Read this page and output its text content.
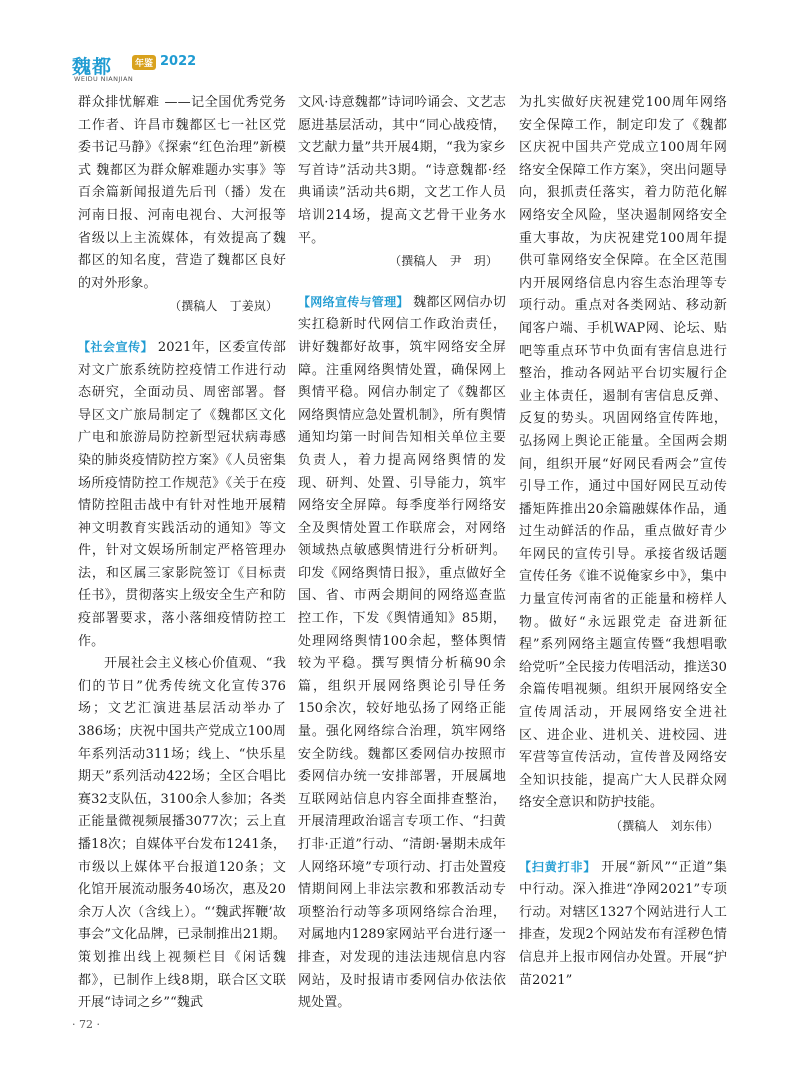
魏都	年鉴 2022
WEIDU NIANJIAN

群众排忧解难 ——记全国优秀党务工作者、许昌市魏都区七一社区党委书记马静》《探索“红色治理”新模式 魏都区为群众解难题办实事》等百余篇新闻报道先后刊（播）发在河南日报、河南电视台、大河报等省级以上主流媒体，有效提高了魏都区的知名度，营造了魏都区良好的对外形象。

（撰稿人　丁姜岚）

【社会宣传】 2021年，区委宣传部对文广旅系统防控疫情工作进行动态研究，全面动员、周密部署。督导区文广旅局制定了《魏都区文化广电和旅游局防控新型冠状病毒感染的肺炎疫情防控方案》《人员密集场所疫情防控工作规范》《关于在疫情防控阻击战中有针对性地开展精神文明教育实践活动的通知》等文件，针对文娱场所制定严格管理办法，和区属三家影院签订《目标责任书》，贯彻落实上级安全生产和防疫部署要求，落小落细疫情防控工作。

开展社会主义核心价值观、“我们的节日”优秀传统文化宣传376场；文艺汇演进基层活动举办了386场；庆祝中国共产党成立100周年系列活动311场；线上、“快乐星期天”系列活动422场；全区合唱比赛32支队伍，3100余人参加；各类正能量微视频展播3077次；云上直播18次；自媒体平台发布1241条，市级以上媒体平台报道120条；文化馆开展流动服务40场次，惠及20余万人次（含线上）。“‘魏武挥鞭’故事会”文化品牌，已录制推出21期。策划推出线上视频栏目《闲话魏都》，已制作上线8期，联合区文联开展“诗词之乡”“魏武

文风·诗意魏都”诗词吟诵会、文艺志愿进基层活动，其中“同心战疫情，文艺献力量”共开展4期，“我为家乡写首诗”活动共3期。“诗意魏都·经典诵读”活动共6期，文艺工作人员培训214场，提高文艺骨干业务水平。

（撰稿人　尹　玥）

【网络宣传与管理】 魏都区网信办切实扛稳新时代网信工作政治责任，讲好魏都好故事，筑牢网络安全屏障。注重网络舆情处置，确保网上舆情平稳。网信办制定了《魏都区网络舆情应急处置机制》，所有舆情通知均第一时间告知相关单位主要负责人，着力提高网络舆情的发现、研判、处置、引导能力，筑牢网络安全屏障。每季度举行网络安全及舆情处置工作联席会，对网络领域热点敏感舆情进行分析研判。印发《网络舆情日报》，重点做好全国、省、市两会期间的网络巡查监控工作，下发《舆情通知》85期，处理网络舆情100余起，整体舆情较为平稳。撰写舆情分析稿90余篇，组织开展网络舆论引导任务150余次，较好地弘扬了网络正能量。强化网络综合治理，筑牢网络安全防线。魏都区委网信办按照市委网信办统一安排部署，开展属地互联网站信息内容全面排查整治，开展清理政治谣言专项工作、“扫黄打非·正道”行动、“清朗·暑期未成年人网络环境”专项行动、打击处置疫情期间网上非法宗教和邪教活动专项整治行动等多项网络综合治理，对属地内1289家网站平台进行逐一排查，对发现的违法违规信息内容网站，及时报请市委网信办依法依规处置。

为扎实做好庆祝建党100周年网络安全保障工作，制定印发了《魏都区庆祝中国共产党成立100周年网络安全保障工作方案》，突出问题导向，狠抓责任落实，着力防范化解网络安全风险，坚决遏制网络安全重大事故，为庆祝建党100周年提供可靠网络安全保障。在全区范围内开展网络信息内容生态治理等专项行动。重点对各类网站、移动新闻客户端、手机WAP网、论坛、贴吧等重点环节中负面有害信息进行整治，推动各网站平台切实履行企业主体责任，遏制有害信息反弹、反复的势头。巩固网络宣传阵地，弘扬网上舆论正能量。全国两会期间，组织开展“好网民看两会”宣传引导工作，通过中国好网民互动传播矩阵推出20余篇融媒体作品，通过生动鲜活的作品，重点做好青少年网民的宣传引导。承接省级话题宣传任务《谁不说俺家乡中》，集中力量宣传河南省的正能量和榜样人物。做好“永远跟党走 奋进新征程”系列网络主题宣传暨“我想唱歌给党听”全民接力传唱活动，推送30余篇传唱视频。组织开展网络安全宣传周活动，开展网络安全进社区、进企业、进机关、进校园、进军营等宣传活动，宣传普及网络安全知识技能，提高广大人民群众网络安全意识和防护技能。

（撰稿人　刘东伟）

【扫黄打非】 开展“新风”“正道”集中行动。深入推进“净网2021”专项行动。对辖区1327个网站进行人工排查，发现2个网站发布有淫秽色情信息并上报市网信办处置。开展“护苗2021”

· 72 ·
